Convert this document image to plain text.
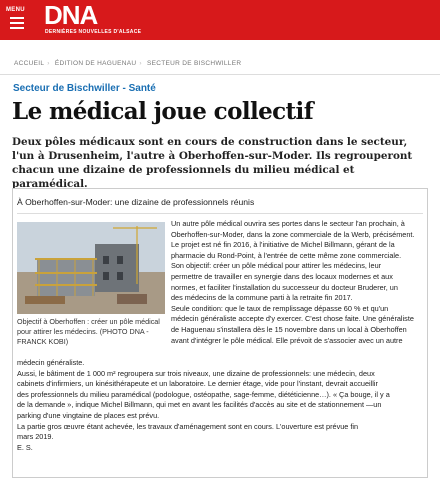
MENU DNA
DERNIÈRES NOUVELLES D'ALSACE
ACCUEIL › ÉDITION DE HAGUENAU › SECTEUR DE BISCHWILLER
Secteur de Bischwiller - Santé
Le médical joue collectif
Deux pôles médicaux sont en cours de construction dans le secteur, l'un à Drusenheim, l'autre à Oberhoffen-sur-Moder. Ils regrouperont chacun une dizaine de professionnels du milieu médical et paramédical.
À Oberhoffen-sur-Moder: une dizaine de professionnels réunis
Objectif à Oberhoffen : créer un pôle médical pour attirer les médecins. (PHOTO DNA - FRANCK KOBI)
Un autre pôle médical ouvrira ses portes dans le secteur l'an prochain, à
Oberhoffen-sur-Moder, dans la zone commerciale de la Werb, précisément.
Le projet est né fin 2016, à l'initiative de Michel Billmann, gérant de la
pharmacie du Rond-Point, à l'entrée de cette même zone commerciale.
Son objectif: créer un pôle médical pour attirer les médecins, leur
permettre de travailler en synergie dans des locaux modernes et aux
normes, et faciliter l'installation du successeur du docteur Bruderer, un
des médecins de la commune parti à la retraite fin 2017.
Seule condition: que le taux de remplissage dépasse 60 % et qu'un
médecin généraliste accepte d'y exercer. C'est chose faite. Une généraliste
de Haguenau s'installera dès le 15 novembre dans un local à Oberhoffen
avant d'intégrer le pôle médical. Elle prévoit de s'associer avec un autre
médecin généraliste.
Aussi, le bâtiment de 1 000 m² regroupera sur trois niveaux, une dizaine de professionnels: une médecin, deux
cabinets d'infirmiers, un kinésithérapeute et un laboratoire. Le dernier étage, vide pour l'instant, devrait accueillir
des professionnels du milieu paramédical (podologue, ostéopathe, sage-femme, diététicienne…). « Ça bouge, il y a
de la demande », indique Michel Billmann, qui met en avant les facilités d'accès au site et de stationnement —un
parking d'une vingtaine de places est prévu.
La partie gros œuvre étant achevée, les travaux d'aménagement sont en cours. L'ouverture est prévue fin
mars 2019.
E. S.
